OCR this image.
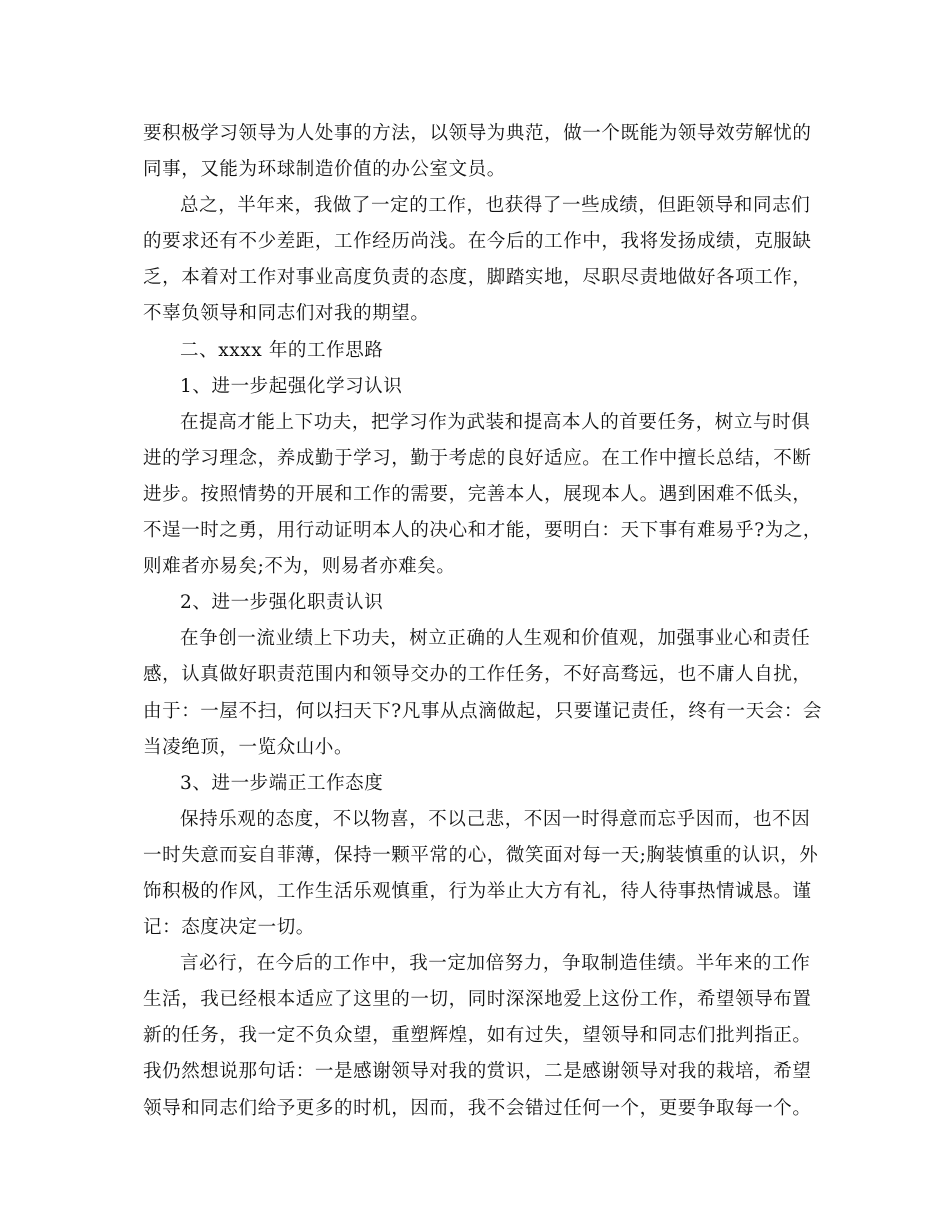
要积极学习领导为人处事的方法，以领导为典范，做一个既能为领导效劳解忧的
同事，又能为环球制造价值的办公室文员。
总之，半年来，我做了一定的工作，也获得了一些成绩，但距领导和同志们
的要求还有不少差距，工作经历尚浅。在今后的工作中，我将发扬成绩，克服缺
乏，本着对工作对事业高度负责的态度，脚踏实地，尽职尽责地做好各项工作，
不辜负领导和同志们对我的期望。
二、xxxx 年的工作思路
1、进一步起强化学习认识
在提高才能上下功夫，把学习作为武装和提高本人的首要任务，树立与时俱
进的学习理念，养成勤于学习，勤于考虑的良好适应。在工作中擅长总结，不断
进步。按照情势的开展和工作的需要，完善本人，展现本人。遇到困难不低头，
不逞一时之勇，用行动证明本人的决心和才能，要明白：天下事有难易乎?为之，
则难者亦易矣;不为，则易者亦难矣。
2、进一步强化职责认识
在争创一流业绩上下功夫，树立正确的人生观和价值观，加强事业心和责任
感，认真做好职责范围内和领导交办的工作任务，不好高骛远，也不庸人自扰，
由于：一屋不扫，何以扫天下?凡事从点滴做起，只要谨记责任，终有一天会：会
当凌绝顶，一览众山小。
3、进一步端正工作态度
保持乐观的态度，不以物喜，不以己悲，不因一时得意而忘乎因而，也不因
一时失意而妄自菲薄，保持一颗平常的心，微笑面对每一天;胸装慎重的认识，外
饰积极的作风，工作生活乐观慎重，行为举止大方有礼，待人待事热情诚恳。谨
记：态度决定一切。
言必行，在今后的工作中，我一定加倍努力，争取制造佳绩。半年来的工作
生活，我已经根本适应了这里的一切，同时深深地爱上这份工作，希望领导布置
新的任务，我一定不负众望，重塑辉煌，如有过失，望领导和同志们批判指正。
我仍然想说那句话：一是感谢领导对我的赏识，二是感谢领导对我的栽培，希望
领导和同志们给予更多的时机，因而，我不会错过任何一个，更要争取每一个。
